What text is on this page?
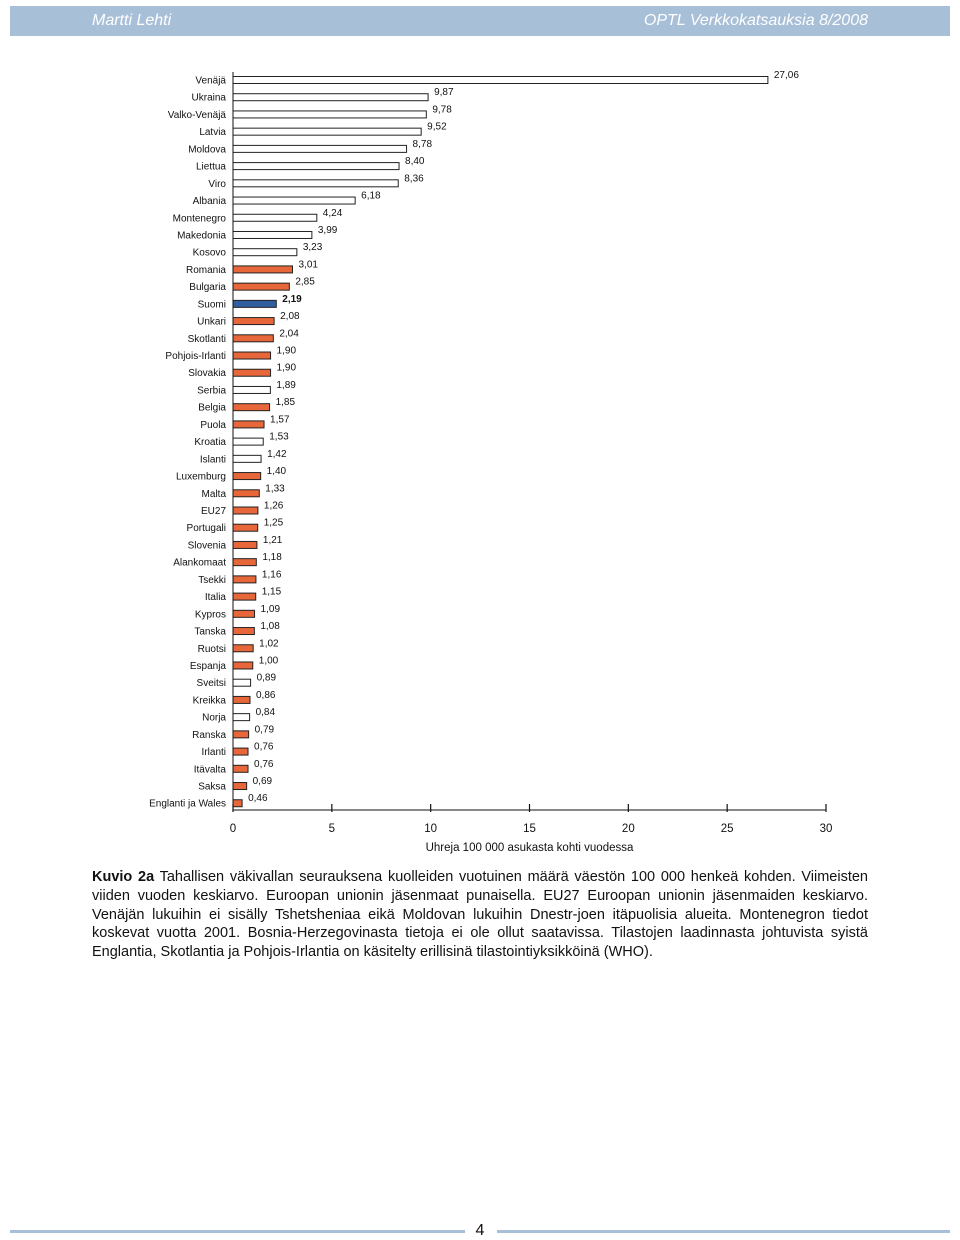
Martti Lehti	OPTL Verkkokatsauksia 8/2008
Venäjä	27,06
Ukraina	9,87
Valko-Venäjä	9,78
Latvia	9,52
Moldova	8,78
Liettua	8,40
Viro	8,36
Albania	6,18
Montenegro	4,24
Makedonia	3,99
Kosovo	3,23
Romania	3,01
Bulgaria	2,85
Suomi	2,19
Unkari	2,08
Skotlanti	2,04
Pohjois-Irlanti	1,90
Slovakia	1,90
Serbia	1,89
Belgia	1,85
Puola	1,57
Kroatia	1,53
Islanti	1,42
Luxemburg	1,40
Malta	1,33
EU27	1,26
Portugali	1,25
Slovenia	1,21
Alankomaat	1,18
Tsekki	1,16
Italia	1,15
Kypros	1,09
Tanska	1,08
Ruotsi	1,02
Espanja	1,00
Sveitsi	0,89
Kreikka	0,86
Norja	0,84
Ranska	0,79
Irlanti	0,76
Itävalta	0,76
Saksa	0,69
Englanti ja Wales 0,46
0	5	10	15	20	25	30
Uhreja 100 000 asukasta kohti vuodessa
Kuvio 2a Tahallisen väkivallan seurauksena kuolleiden vuotuinen määrä väestön 100 000 henkeä kohden. Viimeisten viiden vuoden keskiarvo. Euroopan unionin jäsenmaat punaisella. EU27 Euroopan unionin jäsenmaiden keskiarvo. Venäjän lukuihin ei sisälly Tshetsheniaa eikä Moldovan lukuihin Dnestr-joen itäpuolisia alueita. Montenegron tiedot koskevat vuotta 2001. Bosnia-Herzegovinasta tietoja ei ole ollut saatavissa. Tilastojen laadinnasta johtuvista syistä Englantia, Skotlantia ja Pohjois-Irlantia on käsitelty erillisinä tilastointiyksikköinä (WHO).
4
